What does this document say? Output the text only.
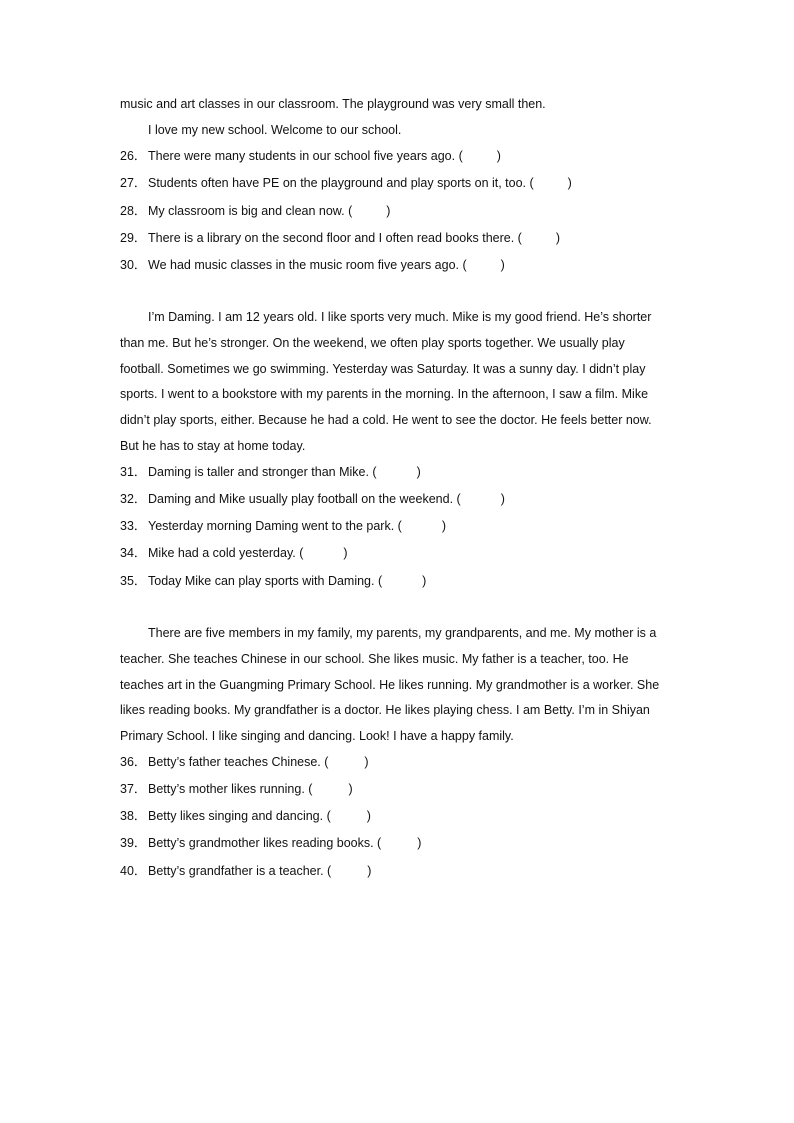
music and art classes in our classroom. The playground was very small then.
I love my new school. Welcome to our school.
26． There were many students in our school five years ago. (	)
27． Students often have PE on the playground and play sports on it, too. (	)
28． My classroom is big and clean now. (	)
29． There is a library on the second floor and I often read books there. (	)
30． We had music classes in the music room five years ago. (	)
I’m Daming. I am 12 years old. I like sports very much. Mike is my good friend. He’s shorter
than me. But he’s stronger. On the weekend, we often play sports together. We usually play
football. Sometimes we go swimming. Yesterday was Saturday. It was a sunny day. I didn’t play
sports. I went to a bookstore with my parents in the morning. In the afternoon, I saw a film. Mike
didn’t play sports, either. Because he had a cold. He went to see the doctor. He feels better now.
But he has to stay at home today.
31． Daming is taller and stronger than Mike. (	)
32． Daming and Mike usually play football on the weekend. (	)
33． Yesterday morning Daming went to the park. (	)
34． Mike had a cold yesterday. (	)
35． Today Mike can play sports with Daming. (	)
There are five members in my family, my parents, my grandparents, and me. My mother is a
teacher. She teaches Chinese in our school. She likes music. My father is a teacher, too. He
teaches art in the Guangming Primary School. He likes running. My grandmother is a worker. She
likes reading books. My grandfather is a doctor. He likes playing chess. I am Betty. I’m in Shiyan
Primary School. I like singing and dancing. Look! I have a happy family.
36． Betty’s father teaches Chinese. (	)
37． Betty’s mother likes running. (	)
38． Betty likes singing and dancing. (	)
39． Betty’s grandmother likes reading books. (	)
40． Betty’s grandfather is a teacher. (	)
